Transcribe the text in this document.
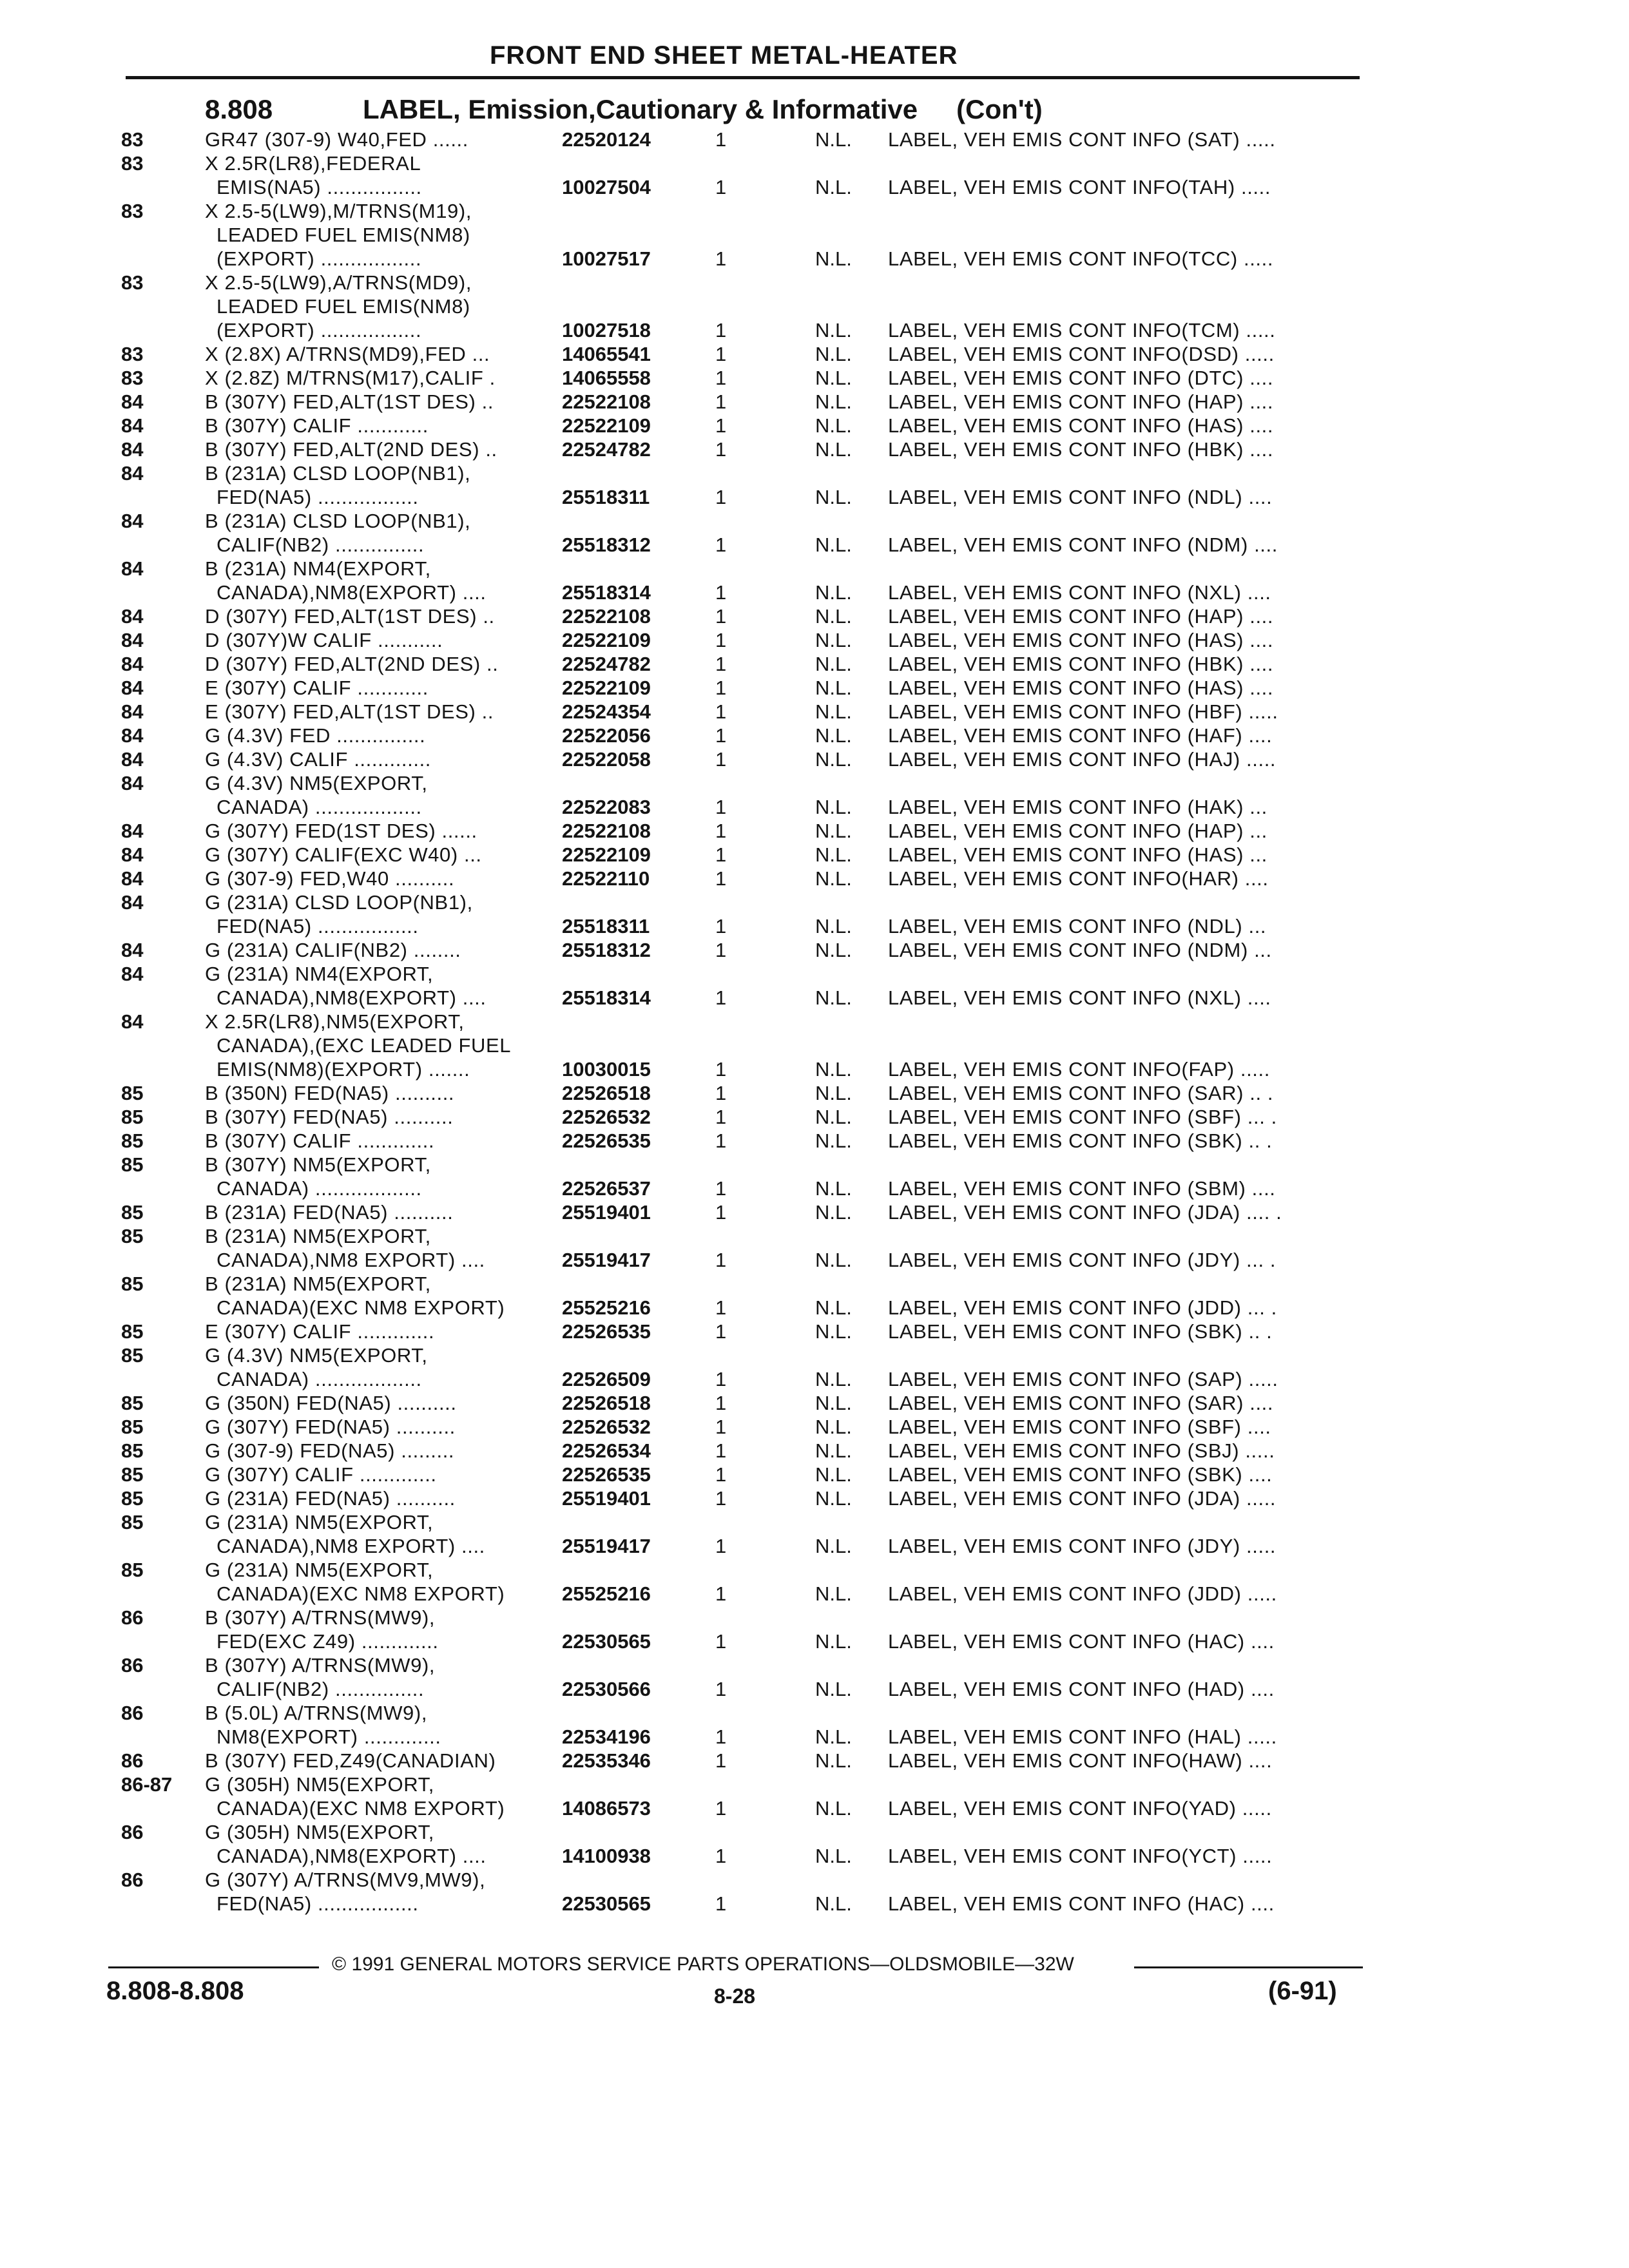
FRONT END SHEET METAL-HEATER
8.808	LABEL, Emission,Cautionary & Informative (Con't)
83	GR47 (307-9) W40,FED ......	22520124	1	N.L. LABEL, VEH EMIS CONT INFO (SAT) .....
83	X 2.5R(LR8),FEDERAL
EMIS(NA5) ................	10027504	1	N.L. LABEL, VEH EMIS CONT INFO(TAH) .....
83	X 2.5-5(LW9),M/TRNS(M19),
LEADED FUEL EMIS(NM8)
(EXPORT) .................	10027517	1	N.L. LABEL, VEH EMIS CONT INFO(TCC) .....
83	X 2.5-5(LW9),A/TRNS(MD9),
LEADED FUEL EMIS(NM8)
(EXPORT) .................	10027518	1	N.L. LABEL, VEH EMIS CONT INFO(TCM) .....
83	X (2.8X) A/TRNS(MD9),FED ...	14065541	1	N.L. LABEL, VEH EMIS CONT INFO(DSD) .....
83	X (2.8Z) M/TRNS(M17),CALIF .	14065558	1	N.L. LABEL, VEH EMIS CONT INFO (DTC) ....
84	B (307Y) FED,ALT(1ST DES) ..	22522108	1	N.L. LABEL, VEH EMIS CONT INFO (HAP) ....
84	B (307Y) CALIF ............	22522109	1	N.L. LABEL, VEH EMIS CONT INFO (HAS) ....
84	B (307Y) FED,ALT(2ND DES) ..	22524782	1	N.L. LABEL, VEH EMIS CONT INFO (HBK) ....
84	B (231A) CLSD LOOP(NB1),
FED(NA5) .................	25518311	1	N.L. LABEL, VEH EMIS CONT INFO (NDL) ....
84	B (231A) CLSD LOOP(NB1),
CALIF(NB2) ...............	25518312	1	N.L. LABEL, VEH EMIS CONT INFO (NDM) ....
84	B (231A) NM4(EXPORT,
CANADA),NM8(EXPORT) ....	25518314	1	N.L. LABEL, VEH EMIS CONT INFO (NXL) ....
84	D (307Y) FED,ALT(1ST DES) ..	22522108	1	N.L. LABEL, VEH EMIS CONT INFO (HAP) ....
84	D (307Y)W CALIF ...........	22522109	1	N.L. LABEL, VEH EMIS CONT INFO (HAS) ....
84	D (307Y) FED,ALT(2ND DES) ..	22524782	1	N.L. LABEL, VEH EMIS CONT INFO (HBK) ....
84	E (307Y) CALIF ............	22522109	1	N.L. LABEL, VEH EMIS CONT INFO (HAS) ....
84	E (307Y) FED,ALT(1ST DES) ..	22524354	1	N.L. LABEL, VEH EMIS CONT INFO (HBF) .....
84	G (4.3V) FED ...............	22522056	1	N.L. LABEL, VEH EMIS CONT INFO (HAF) ....
84	G (4.3V) CALIF .............	22522058	1	N.L. LABEL, VEH EMIS CONT INFO (HAJ) .....
84	G (4.3V) NM5(EXPORT,
CANADA) ..................	22522083	1	N.L. LABEL, VEH EMIS CONT INFO (HAK) ...
84	G (307Y) FED(1ST DES) ......	22522108	1	N.L. LABEL, VEH EMIS CONT INFO (HAP) ...
84	G (307Y) CALIF(EXC W40) ...	22522109	1	N.L. LABEL, VEH EMIS CONT INFO (HAS) ...
84	G (307-9) FED,W40 ..........	22522110	1	N.L. LABEL, VEH EMIS CONT INFO(HAR) ....
84	G (231A) CLSD LOOP(NB1),
FED(NA5) .................	25518311	1	N.L. LABEL, VEH EMIS CONT INFO (NDL) ...
84	G (231A) CALIF(NB2) ........	25518312	1	N.L. LABEL, VEH EMIS CONT INFO (NDM) ...
84	G (231A) NM4(EXPORT,
CANADA),NM8(EXPORT) ....	25518314	1	N.L. LABEL, VEH EMIS CONT INFO (NXL) ....
84	X 2.5R(LR8),NM5(EXPORT,
CANADA),(EXC LEADED FUEL
EMIS(NM8)(EXPORT) .......	10030015	1	N.L. LABEL, VEH EMIS CONT INFO(FAP) .....
85	B (350N) FED(NA5) ..........	22526518	1	N.L. LABEL, VEH EMIS CONT INFO (SAR) .. .
85	B (307Y) FED(NA5) ..........	22526532	1	N.L. LABEL, VEH EMIS CONT INFO (SBF) ... .
85	B (307Y) CALIF .............	22526535	1	N.L. LABEL, VEH EMIS CONT INFO (SBK) .. .
85	B (307Y) NM5(EXPORT,
CANADA) ..................	22526537	1	N.L. LABEL, VEH EMIS CONT INFO (SBM) ....
85	B (231A) FED(NA5) ..........	25519401	1	N.L. LABEL, VEH EMIS CONT INFO (JDA) .... .
85	B (231A) NM5(EXPORT,
CANADA),NM8 EXPORT) ....	25519417	1	N.L. LABEL, VEH EMIS CONT INFO (JDY) ... .
85	B (231A) NM5(EXPORT,
CANADA)(EXC NM8 EXPORT)	25525216	1	N.L. LABEL, VEH EMIS CONT INFO (JDD) ... .
85	E (307Y) CALIF .............	22526535	1	N.L. LABEL, VEH EMIS CONT INFO (SBK) .. .
85	G (4.3V) NM5(EXPORT,
CANADA) ..................	22526509	1	N.L. LABEL, VEH EMIS CONT INFO (SAP) .....
85	G (350N) FED(NA5) ..........	22526518	1	N.L. LABEL, VEH EMIS CONT INFO (SAR) ....
85	G (307Y) FED(NA5) ..........	22526532	1	N.L. LABEL, VEH EMIS CONT INFO (SBF) ....
85	G (307-9) FED(NA5) .........	22526534	1	N.L. LABEL, VEH EMIS CONT INFO (SBJ) .....
85	G (307Y) CALIF .............	22526535	1	N.L. LABEL, VEH EMIS CONT INFO (SBK) ....
85	G (231A) FED(NA5) ..........	25519401	1	N.L. LABEL, VEH EMIS CONT INFO (JDA) .....
85	G (231A) NM5(EXPORT,
CANADA),NM8 EXPORT) ....	25519417	1	N.L. LABEL, VEH EMIS CONT INFO (JDY) .....
85	G (231A) NM5(EXPORT,
CANADA)(EXC NM8 EXPORT)	25525216	1	N.L. LABEL, VEH EMIS CONT INFO (JDD) .....
86	B (307Y) A/TRNS(MW9),
FED(EXC Z49) .............	22530565	1	N.L. LABEL, VEH EMIS CONT INFO (HAC) ....
86	B (307Y) A/TRNS(MW9),
CALIF(NB2) ...............	22530566	1	N.L. LABEL, VEH EMIS CONT INFO (HAD) ....
86	B (5.0L) A/TRNS(MW9),
NM8(EXPORT) .............	22534196	1	N.L. LABEL, VEH EMIS CONT INFO (HAL) .....
86	B (307Y) FED,Z49(CANADIAN)	22535346	1	N.L. LABEL, VEH EMIS CONT INFO(HAW) ....
86-87 G (305H) NM5(EXPORT,
CANADA)(EXC NM8 EXPORT)	14086573	1	N.L. LABEL, VEH EMIS CONT INFO(YAD) .....
86	G (305H) NM5(EXPORT,
CANADA),NM8(EXPORT) ....	14100938	1	N.L. LABEL, VEH EMIS CONT INFO(YCT) .....
86	G (307Y) A/TRNS(MV9,MW9),
FED(NA5) .................	22530565	1	N.L. LABEL, VEH EMIS CONT INFO (HAC) ....
© 1991 GENERAL MOTORS SERVICE PARTS OPERATIONS—OLDSMOBILE—32W
8.808-8.808	8-28	(6-91)
